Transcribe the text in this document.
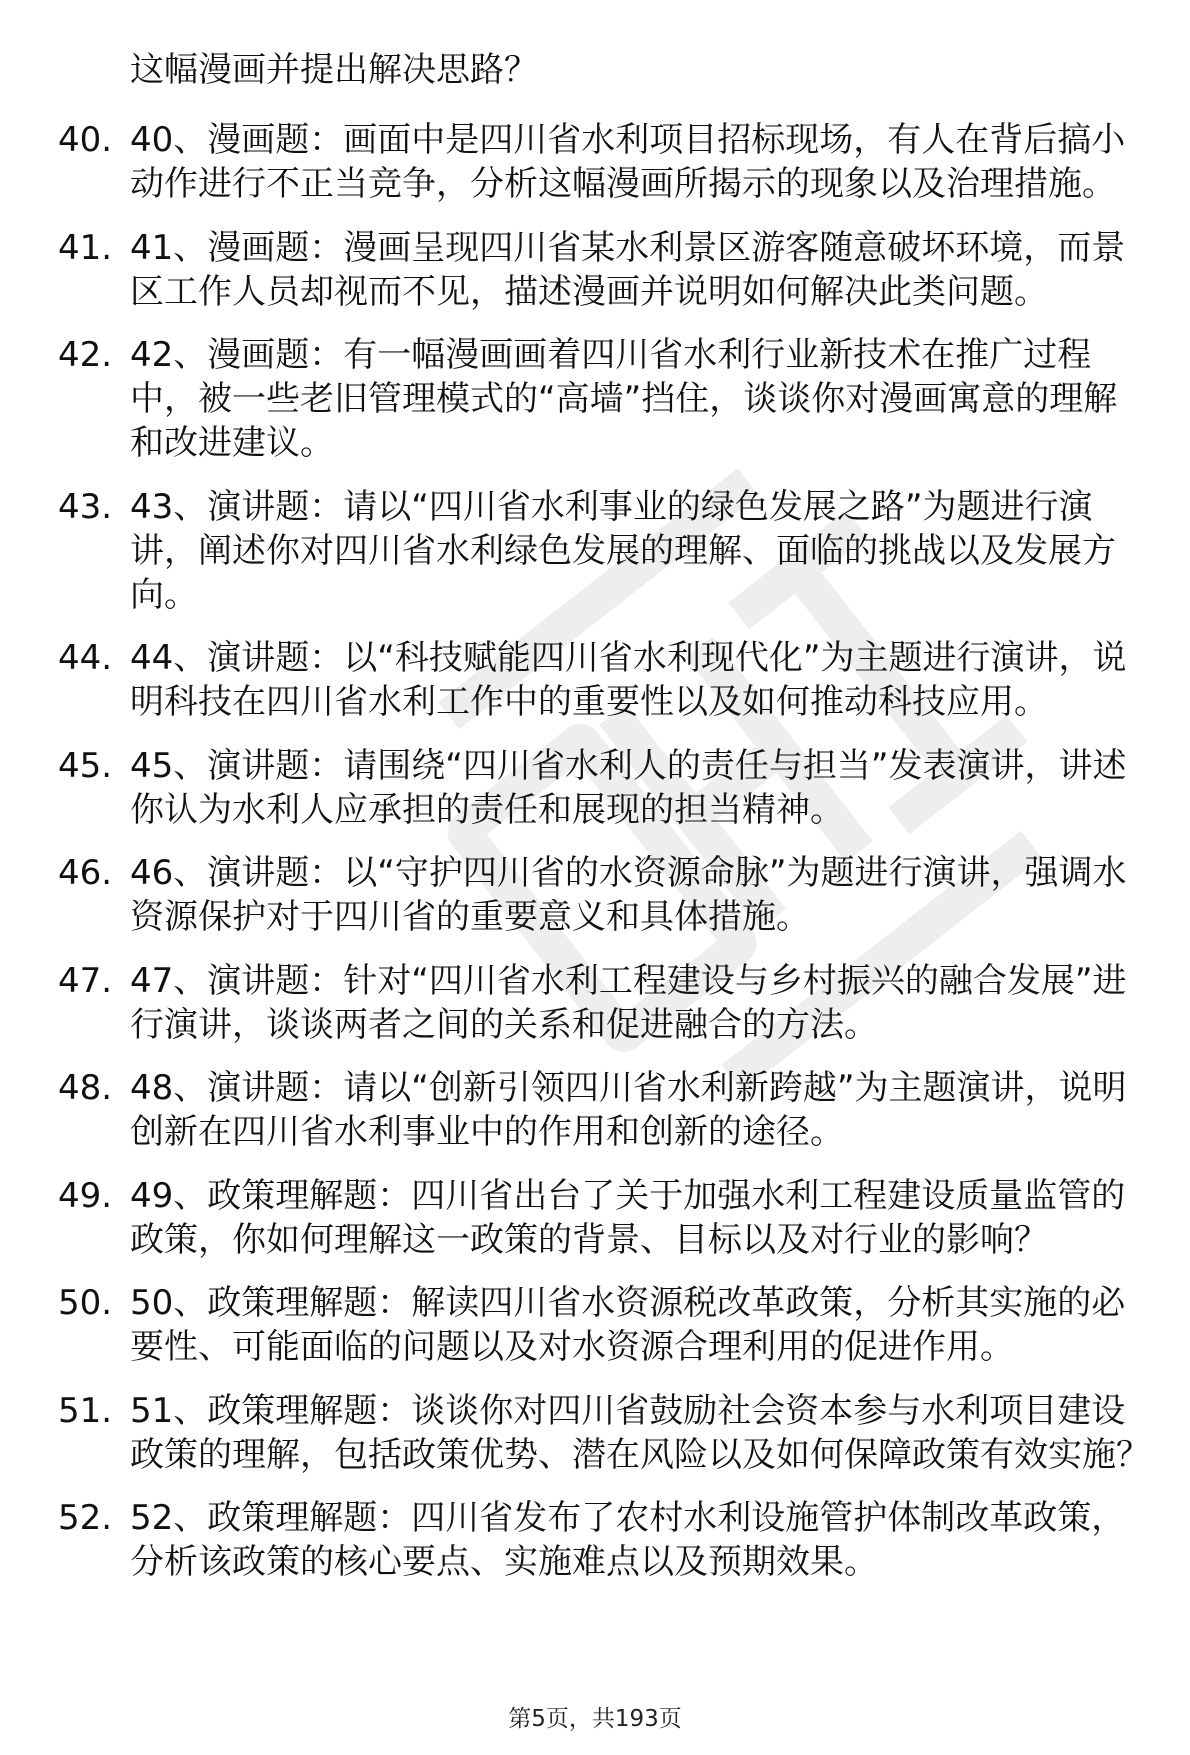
这幅漫画并提出解决思路？

40. 40、漫画题：画面中是四川省水利项目招标现场，有人在背后搞小动作进行不正当竞争，分析这幅漫画所揭示的现象以及治理措施。
41. 41、漫画题：漫画呈现四川省某水利景区游客随意破坏环境，而景区工作人员却视而不见，描述漫画并说明如何解决此类问题。
42. 42、漫画题：有一幅漫画画着四川省水利行业新技术在推广过程中，被一些老旧管理模式的“高墙”挡住，谈谈你对漫画寓意的理解和改进建议。
43. 43、演讲题：请以“四川省水利事业的绿色发展之路”为题进行演讲，阐述你对四川省水利绿色发展的理解、面临的挑战以及发展方向。
44. 44、演讲题：以“科技赋能四川省水利现代化”为主题进行演讲，说明科技在四川省水利工作中的重要性以及如何推动科技应用。
45. 45、演讲题：请围绕“四川省水利人的责任与担当”发表演讲，讲述你认为水利人应承担的责任和展现的担当精神。
46. 46、演讲题：以“守护四川省的水资源命脉”为题进行演讲，强调水资源保护对于四川省的重要意义和具体措施。
47. 47、演讲题：针对“四川省水利工程建设与乡村振兴的融合发展”进行演讲，谈谈两者之间的关系和促进融合的方法。
48. 48、演讲题：请以“创新引领四川省水利新跨越”为主题演讲，说明创新在四川省水利事业中的作用和创新的途径。
49. 49、政策理解题：四川省出台了关于加强水利工程建设质量监管的政策，你如何理解这一政策的背景、目标以及对行业的影响？
50. 50、政策理解题：解读四川省水资源税改革政策，分析其实施的必要性、可能面临的问题以及对水资源合理利用的促进作用。
51. 51、政策理解题：谈谈你对四川省鼓励社会资本参与水利项目建设政策的理解，包括政策优势、潜在风险以及如何保障政策有效实施？
52. 52、政策理解题：四川省发布了农村水利设施管护体制改革政策，分析该政策的核心要点、实施难点以及预期效果。
第5页，共193页
